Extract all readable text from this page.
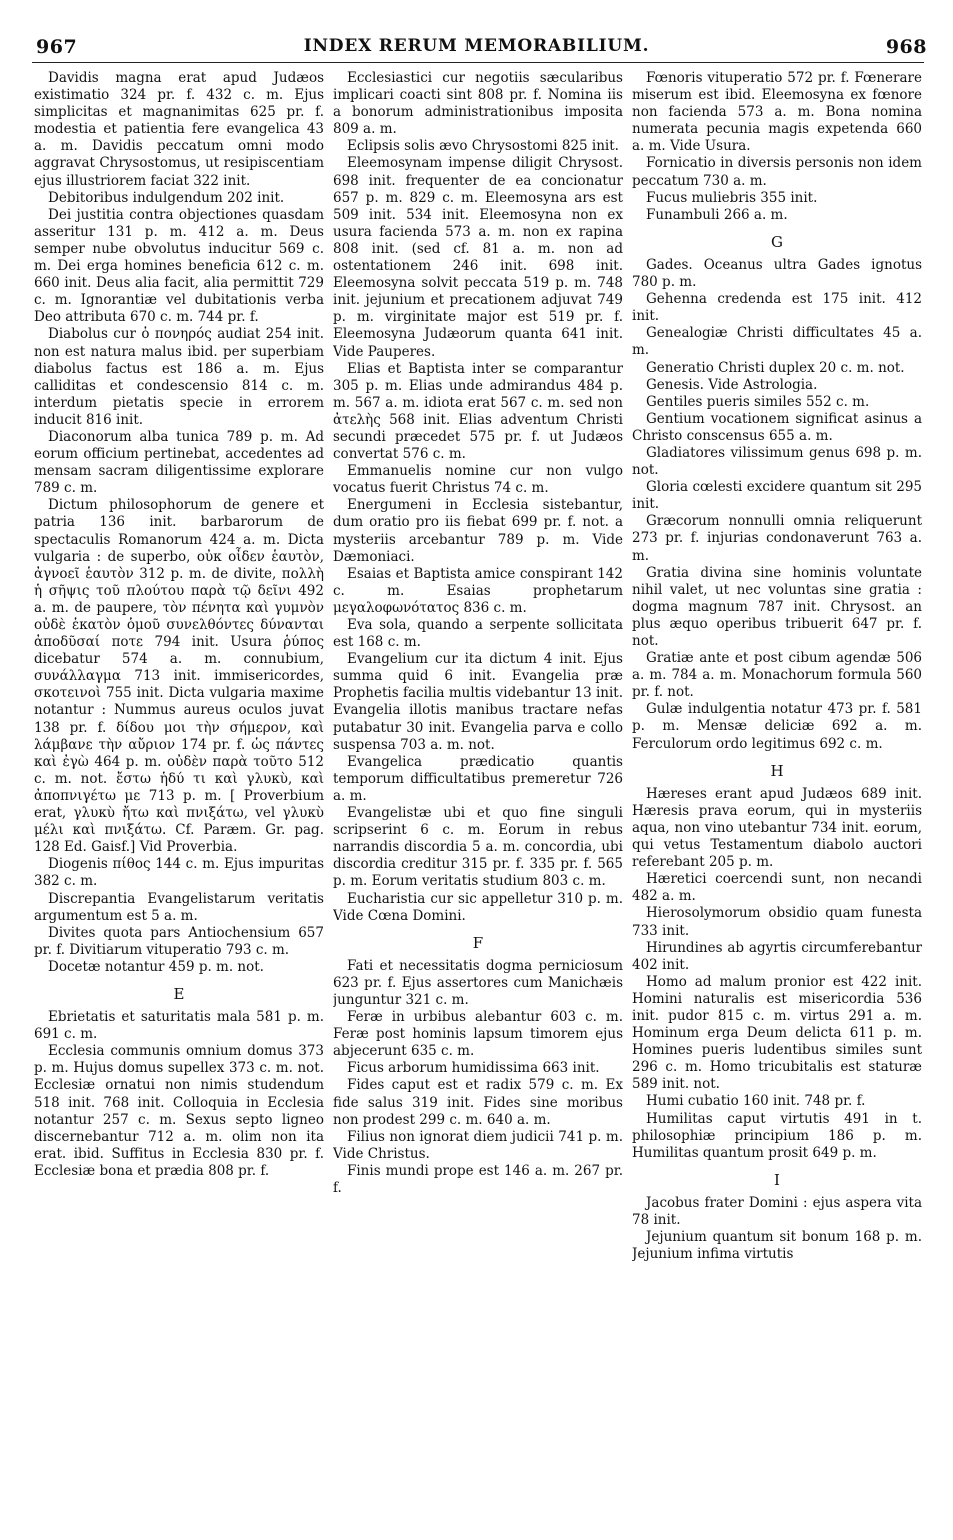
967	INDEX RERUM MEMORABILIUM.	968

Davidis magna erat apud Judæos existimatio 324 pr. f. 432 c. m. Ejus simplicitas et magnanimitas 625 pr. f. modestia et patientia fere evangelica 43 a. m. Davidis peccatum omni modo aggravat Chrysostomus, ut resipiscentiam ejus illustriorem faciat 322 init.

Debitoribus indulgendum 202 init.

Dei justitia contra objectiones quasdam asseritur 131 p. m. 412 a. m. Deus semper nube obvolutus inducitur 569 c. m. Dei erga homines beneficia 612 c. m. 660 init. Deus alia facit, alia permittit 729 c. m. Ignorantiæ vel dubitationis verba Deo attributa 670 c. m. 744 pr. f.

Diabolus cur ὁ πονηρός audiat 254 init. non est natura malus ibid. per superbiam diabolus factus est 186 a. m. Ejus calliditas et condescensio 814 c. m. interdum pietatis specie in errorem inducit 816 init.

Diaconorum alba tunica 789 p. m. Ad eorum officium pertinebat, accedentes ad mensam sacram diligentissime explorare 789 c. m.

Dictum philosophorum de genere et patria 136 init. barbarorum de spectaculis Romanorum 424 a. m. Dicta vulgaria : de superbo, οὐκ οἶδεν ἑαυτὸν, ἀγνοεῖ ἑαυτὸν 312 p. m. de divite, πολλὴ ἡ σῆψις τοῦ πλούτου παρὰ τῷ δεῖνι 492 a. m. de paupere, τὸν πένητα καὶ γυμνὸν οὐδὲ ἑκατὸν ὁμοῦ συνελθόντες δύνανται ἀποδῦσαί ποτε 794 init. Usura ῥύπος dicebatur 574 a. m. connubium, συνάλλαγμα 713 init. immisericordes, σκοτεινοὶ 755 init. Dicta vulgaria maxime notantur : Nummus aureus oculos juvat 138 pr. f. δίδου μοι τὴν σήμερον, καὶ λάμβανε τὴν αὔριον 174 pr. f. ὡς πάντες καὶ ἐγὼ 464 p. m. οὐδὲν παρὰ τοῦτο 512 c. m. not. ἔστω ἡδύ τι καὶ γλυκὺ, καὶ ἀποπνιγέτω με 713 p. m. [ Proverbium erat, γλυκὺ ἤτω καὶ πνιξάτω, vel γλυκὺ μέλι καὶ πνιξάτω. Cf. Paræm. Gr. pag. 128 Ed. Gaisf.] Vid Proverbia.

Diogenis πίθος 144 c. m. Ejus impuritas 382 c. m.

Discrepantia Evangelistarum veritatis argumentum est 5 a. m.

Divites quota pars Antiochensium 657 pr. f. Divitiarum vituperatio 793 c. m.

Docetæ notantur 459 p. m. not.

E

Ebrietatis et saturitatis mala 581 p. m. 691 c. m.

Ecclesia communis omnium domus 373 p. m. Hujus domus supellex 373 c. m. not. Ecclesiæ ornatui non nimis studendum 518 init. 768 init. Colloquia in Ecclesia notantur 257 c. m. Sexus septo ligneo discernebantur 712 a. m. olim non ita erat. ibid. Suffitus in Ecclesia 830 pr. f. Ecclesiæ bona et prædia 808 pr. f.

Ecclesiastici cur negotiis sæcularibus implicari coacti sint 808 pr. f. Nomina iis a bonorum administrationibus imposita 809 a. m.

Eclipsis solis ævo Chrysostomi 825 init.

Eleemosynam impense diligit Chrysost. 698 init. frequenter de ea concionatur 657 p. m. 829 c. m. Eleemosyna ars est 509 init. 534 init. Eleemosyna non ex usura facienda 573 a. m. non ex rapina 808 init. (sed cf. 81 a. m. non ad ostentationem 246 init. 698 init. Eleemosyna solvit peccata 519 p. m. 748 init. jejunium et precationem adjuvat 749 p. m. virginitate major est 519 pr. f. Eleemosyna Judæorum quanta 641 init. Vide Pauperes.

Elias et Baptista inter se comparantur 305 p. m. Elias unde admirandus 484 p. m. 567 a. m. idiota erat 567 c. m. sed non ἀτελὴς 568 init. Elias adventum Christi secundi præcedet 575 pr. f. ut Judæos convertat 576 c. m.

Emmanuelis nomine cur non vulgo vocatus fuerit Christus 74 c. m.

Energumeni in Ecclesia sistebantur, dum oratio pro iis fiebat 699 pr. f. not. a mysteriis arcebantur 789 p. m. Vide Dæmoniaci.

Esaias et Baptista amice conspirant 142 c. m. Esaias prophetarum μεγαλοφωνότατος 836 c. m.

Eva sola, quando a serpente sollicitata est 168 c. m.

Evangelium cur ita dictum 4 init. Ejus summa quid 6 init. Evangelia præ Prophetis facilia multis videbantur 13 init. Evangelia illotis manibus tractare nefas putabatur 30 init. Evangelia parva e collo suspensa 703 a. m. not.

Evangelica prædicatio quantis temporum difficultatibus premeretur 726 a. m.

Evangelistæ ubi et quo fine singuli scripserint 6 c. m. Eorum in rebus narrandis discordia 5 a. m. concordia, ubi discordia creditur 315 pr. f. 335 pr. f. 565 p. m. Eorum veritatis studium 803 c. m.

Eucharistia cur sic appelletur 310 p. m. Vide Cœna Domini.

F

Fati et necessitatis dogma perniciosum 623 pr. f. Ejus assertores cum Manichæis junguntur 321 c. m.

Feræ in urbibus alebantur 603 c. m. Feræ post hominis lapsum timorem ejus abjecerunt 635 c. m.

Ficus arborum humidissima 663 init.

Fides caput est et radix 579 c. m. Ex fide salus 319 init. Fides sine moribus non prodest 299 c. m. 640 a. m.

Filius non ignorat diem judicii 741 p. m. Vide Christus.

Finis mundi prope est 146 a. m. 267 pr. f.

Fœnoris vituperatio 572 pr. f. Fœnerare miserum est ibid. Eleemosyna ex fœnore non facienda 573 a. m. Bona nomina numerata pecunia magis expetenda 660 a. m. Vide Usura.

Fornicatio in diversis personis non idem peccatum 730 a. m.

Fucus muliebris 355 init.

Funambuli 266 a. m.

G

Gades. Oceanus ultra Gades ignotus 780 p. m.

Gehenna credenda est 175 init. 412 init.

Genealogiæ Christi difficultates 45 a. m.

Generatio Christi duplex 20 c. m. not.

Genesis. Vide Astrologia.

Gentiles pueris similes 552 c. m.

Gentium vocationem significat asinus a Christo conscensus 655 a. m.

Gladiatores vilissimum genus 698 p. m. not.

Gloria cœlesti excidere quantum sit 295 init.

Græcorum nonnulli omnia reliquerunt 273 pr. f. injurias condonaverunt 763 a. m.

Gratia divina sine hominis voluntate nihil valet, ut nec voluntas sine gratia : dogma magnum 787 init. Chrysost. an plus æquo operibus tribuerit 647 pr. f. not.

Gratiæ ante et post cibum agendæ 506 a. m. 784 a. m. Monachorum formula 560 pr. f. not.

Gulæ indulgentia notatur 473 pr. f. 581 p. m. Mensæ deliciæ 692 a. m. Ferculorum ordo legitimus 692 c. m.

H

Hæreses erant apud Judæos 689 init. Hæresis prava eorum, qui in mysteriis aqua, non vino utebantur 734 init. eorum, qui vetus Testamentum diabolo auctori referebant 205 p. m.

Hæretici coercendi sunt, non necandi 482 a. m.

Hierosolymorum obsidio quam funesta 733 init.

Hirundines ab agyrtis circumferebantur 402 init.

Homo ad malum pronior est 422 init. Homini naturalis est misericordia 536 init. pudor 815 c. m. virtus 291 a. m. Hominum erga Deum delicta 611 p. m. Homines pueris ludentibus similes sunt 296 c. m. Homo tricubitalis est staturæ 589 init. not.

Humi cubatio 160 init. 748 pr. f.

Humilitas caput virtutis 491 in t. philosophiæ principium 186 p. m. Humilitas quantum prosit 649 p. m.

I

Jacobus frater Domini : ejus aspera vita 78 init.

Jejunium quantum sit bonum 168 p. m. Jejunium infima virtutis
